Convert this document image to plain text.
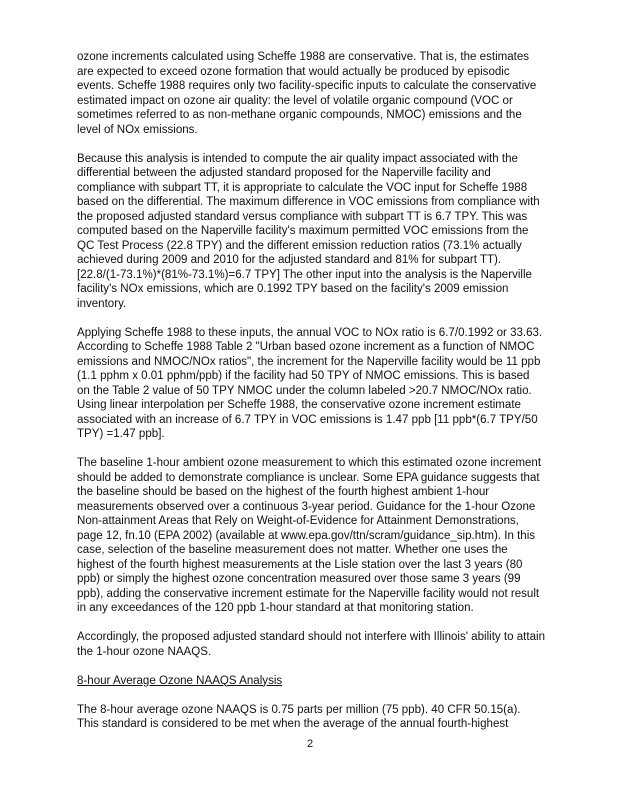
ozone increments calculated using Scheffe 1988 are conservative. That is, the estimates are expected to exceed ozone formation that would actually be produced by episodic events. Scheffe 1988 requires only two facility-specific inputs to calculate the conservative estimated impact on ozone air quality: the level of volatile organic compound (VOC or sometimes referred to as non-methane organic compounds, NMOC) emissions and the level of NOx emissions.

Because this analysis is intended to compute the air quality impact associated with the differential between the adjusted standard proposed for the Naperville facility and compliance with subpart TT, it is appropriate to calculate the VOC input for Scheffe 1988 based on the differential. The maximum difference in VOC emissions from compliance with the proposed adjusted standard versus compliance with subpart TT is 6.7 TPY. This was computed based on the Naperville facility's maximum permitted VOC emissions from the QC Test Process (22.8 TPY) and the different emission reduction ratios (73.1% actually achieved during 2009 and 2010 for the adjusted standard and 81% for subpart TT). [22.8/(1-73.1%)*(81%-73.1%)=6.7 TPY] The other input into the analysis is the Naperville facility's NOx emissions, which are 0.1992 TPY based on the facility's 2009 emission inventory.

Applying Scheffe 1988 to these inputs, the annual VOC to NOx ratio is 6.7/0.1992 or 33.63. According to Scheffe 1988 Table 2 "Urban based ozone increment as a function of NMOC emissions and NMOC/NOx ratios", the increment for the Naperville facility would be 11 ppb (1.1 pphm x 0.01 pphm/ppb) if the facility had 50 TPY of NMOC emissions. This is based on the Table 2 value of 50 TPY NMOC under the column labeled >20.7 NMOC/NOx ratio. Using linear interpolation per Scheffe 1988, the conservative ozone increment estimate associated with an increase of 6.7 TPY in VOC emissions is 1.47 ppb [11 ppb*(6.7 TPY/50 TPY) =1.47 ppb].

The baseline 1-hour ambient ozone measurement to which this estimated ozone increment should be added to demonstrate compliance is unclear. Some EPA guidance suggests that the baseline should be based on the highest of the fourth highest ambient 1-hour measurements observed over a continuous 3-year period. Guidance for the 1-hour Ozone Non-attainment Areas that Rely on Weight-of-Evidence for Attainment Demonstrations, page 12, fn.10 (EPA 2002) (available at www.epa.gov/ttn/scram/guidance_sip.htm). In this case, selection of the baseline measurement does not matter. Whether one uses the highest of the fourth highest measurements at the Lisle station over the last 3 years (80 ppb) or simply the highest ozone concentration measured over those same 3 years (99 ppb), adding the conservative increment estimate for the Naperville facility would not result in any exceedances of the 120 ppb 1-hour standard at that monitoring station.

Accordingly, the proposed adjusted standard should not interfere with Illinois' ability to attain the 1-hour ozone NAAQS.

8-hour Average Ozone NAAQS Analysis

The 8-hour average ozone NAAQS is 0.75 parts per million (75 ppb). 40 CFR 50.15(a). This standard is considered to be met when the average of the annual fourth-highest

2
